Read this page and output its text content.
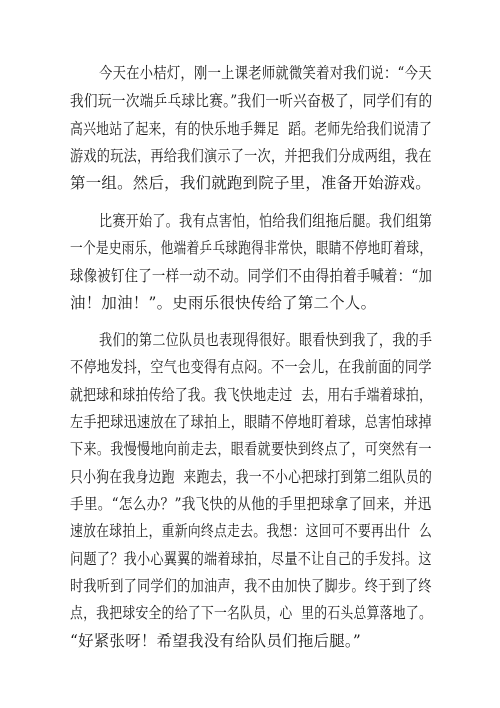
今天在小桔灯，刚一上课老师就微笑着对我们说：“今天
我们玩一次端乒乓球比赛。”我们一听兴奋极了，同学们有的
高兴地站了起来，有的快乐地手舞足  蹈。老师先给我们说清了
游戏的玩法，再给我们演示了一次，并把我们分成两组，我在
第一组。然后，我们就跑到院子里，准备开始游戏。
比赛开始了。我有点害怕，怕给我们组拖后腿。我们组第
一个是史雨乐，他端着乒乓球跑得非常快，眼睛不停地盯着球，
球像被钉住了一样一动不动。同学们不由得拍着手喊着：“加
油！加油！”。史雨乐很快传给了第二个人。
我们的第二位队员也表现得很好。眼看快到我了，我的手
不停地发抖，空气也变得有点闷。不一会儿，在我前面的同学
就把球和球拍传给了我。我飞快地走过  去，用右手端着球拍，
左手把球迅速放在了球拍上，眼睛不停地盯着球，总害怕球掉
下来。我慢慢地向前走去，眼看就要快到终点了，可突然有一
只小狗在我身边跑  来跑去，我一不小心把球打到第二组队员的
手里。“怎么办？”我飞快的从他的手里把球拿了回来，并迅
速放在球拍上，重新向终点走去。我想：这回可不要再出什  么
问题了？我小心翼翼的端着球拍，尽量不让自己的手发抖。这
时我听到了同学们的加油声，我不由加快了脚步。终于到了终
点，我把球安全的给了下一名队员，心  里的石头总算落地了。
“好紧张呀！希望我没有给队员们拖后腿。”
